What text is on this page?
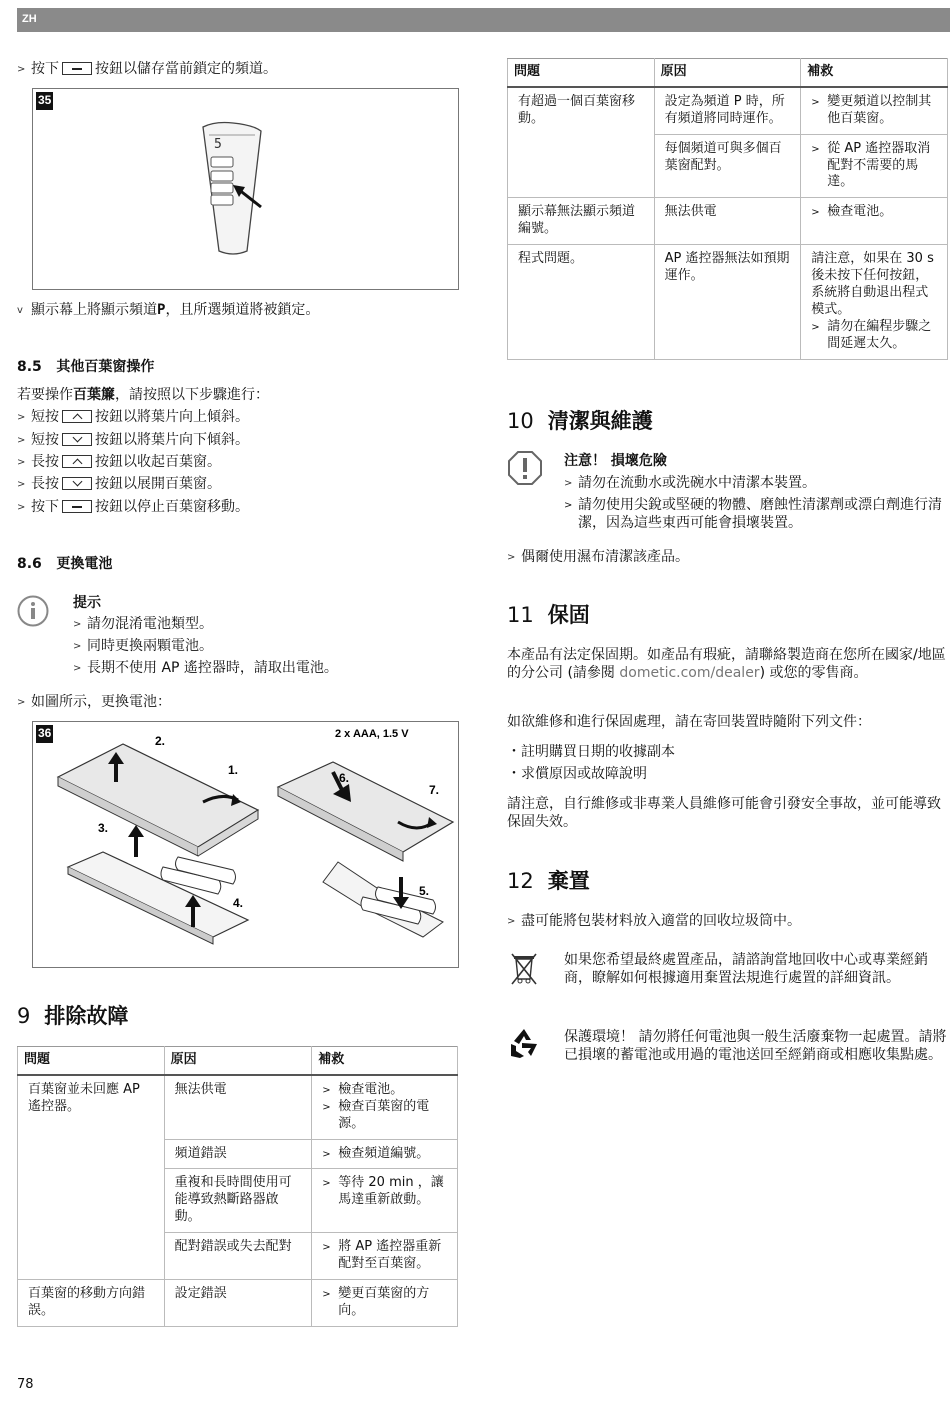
ZH
> 按下	按鈕以儲存當前鎖定的頻道。
35
5
v 顯示幕上將顯示頻道P，且所選頻道將被鎖定。
8.5   其他百葉窗操作
若要操作百葉簾，請按照以下步驟進行：
> 短按	按鈕以將葉片向上傾斜。
> 短按	按鈕以將葉片向下傾斜。
> 長按	按鈕以收起百葉窗。
> 長按	按鈕以展開百葉窗。
> 按下	按鈕以停止百葉窗移動。
8.6   更換電池
提示
> 請勿混淆電池類型。
> 同時更換兩顆電池。
> 長期不使用 AP 遙控器時，請取出電池。
> 如圖所示，更換電池：
36
2.
1.
3.
4.
2 x AAA, 1.5 V
6.
7.
5.
9 排除故障
問題	原因	補救
百葉窗並未回應 AP 遙控器。	無法供電	> 檢查電池。
> 檢查百葉窗的電源。

	頻道錯誤	> 檢查頻道編號。

	重複和長時間使用可能導致熱斷路器啟動。	> 等待 20 min ，讓馬達重新啟動。

	配對錯誤或失去配對	> 將 AP 遙控器重新配對至百葉窗。

百葉窗的移動方向錯誤。	設定錯誤	> 變更百葉窗的方向。
78
問題	原因	補救
有超過一個百葉窗移動。	設定為頻道 P 時，所有頻道將同時運作。	> 變更頻道以控制其他百葉窗。

	每個頻道可與多個百葉窗配對。	> 從 AP 遙控器取消配對不需要的馬達。

顯示幕無法顯示頻道編號。	無法供電	> 檢查電池。

程式問題。	AP 遙控器無法如預期運作。	請注意，如果在 30 s 後未按下任何按鈕，系統將自動退出程式模式。
> 請勿在編程步驟之間延遲太久。
10 清潔與維護
注意！ 損壞危險
> 請勿在流動水或洗碗水中清潔本裝置。
> 請勿使用尖銳或堅硬的物體、磨蝕性清潔劑或漂白劑進行清潔，因為這些東西可能會損壞裝置。
> 偶爾使用濕布清潔該產品。
11 保固
本產品有法定保固期。如產品有瑕疵，請聯絡製造商在您所在國家/地區的分公司 (請參閱 dometic.com/dealer) 或您的零售商。
如欲維修和進行保固處理，請在寄回裝置時隨附下列文件：
・註明購買日期的收據副本
・求償原因或故障說明
請注意，自行維修或非專業人員維修可能會引發安全事故，並可能導致保固失效。
12 棄置
> 盡可能將包裝材料放入適當的回收垃圾筒中。
如果您希望最終處置產品，請諮詢當地回收中心或專業經銷商，瞭解如何根據適用棄置法規進行處置的詳細資訊。
保護環境！ 請勿將任何電池與一般生活廢棄物一起處置。請將已損壞的蓄電池或用過的電池送回至經銷商或相應收集點處。
